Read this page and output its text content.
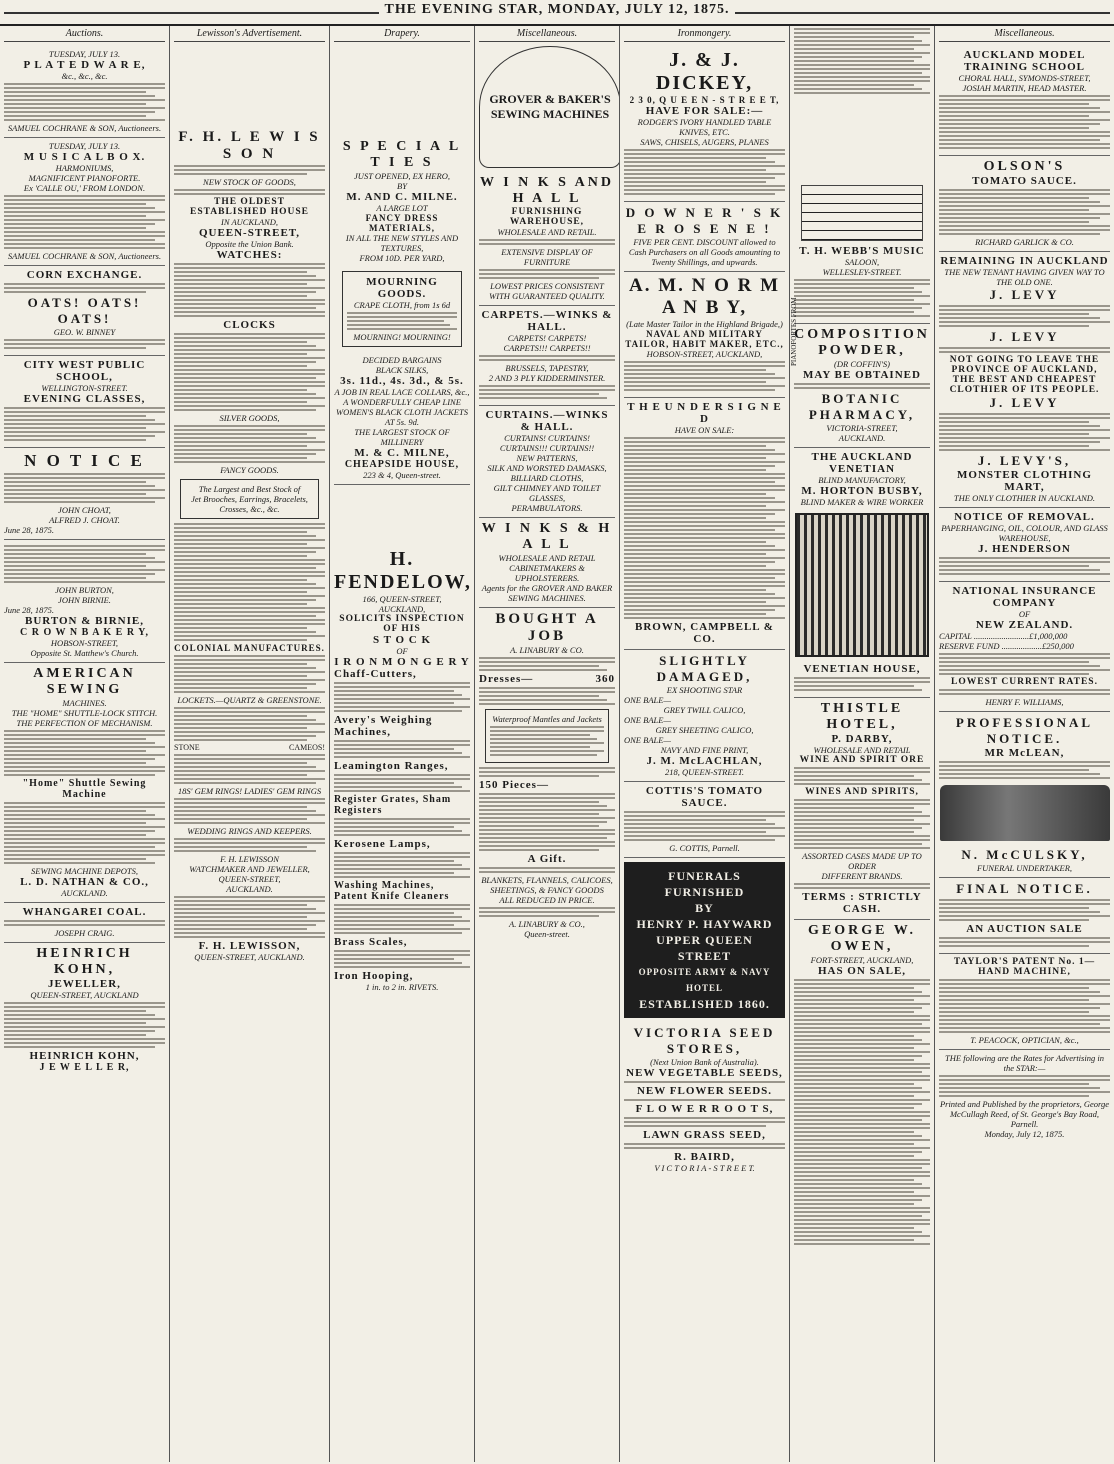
THE EVENING STAR, MONDAY, JULY 12, 1875.
Auctions.
TUESDAY, JULY 13.
P L A T E D W A R E,
&c., &c., &c.
SAMUEL COCHRANE & SON, Auctioneers.
TUESDAY, JULY 13.
M U S I C A L B O X.
HARMONIUMS,
MAGNIFICENT PIANOFORTE.
Ex 'CALLE OU,' FROM LONDON.
SAMUEL COCHRANE & SON, Auctioneers.
CORN EXCHANGE.
OATS! OATS! OATS!
GEO. W. BINNEY
CITY WEST PUBLIC SCHOOL,
WELLINGTON-STREET.
EVENING CLASSES,
N O T I C E
JOHN CHOAT,
ALFRED J. CHOAT.
June 28, 1875.
JOHN BURTON,
JOHN BIRNIE.
June 28, 1875.
BURTON & BIRNIE,
C R O W N B A K E R Y,
HOBSON-STREET,
Opposite St. Matthew's Church.
AMERICAN SEWING
MACHINES.
THE "HOME" SHUTTLE-LOCK STITCH.
THE PERFECTION OF MECHANISM.
"Home" Shuttle Sewing Machine
SEWING MACHINE DEPOTS,
L. D. NATHAN & CO.,
AUCKLAND.
WHANGAREI COAL.
JOSEPH CRAIG.
HEINRICH KOHN,
JEWELLER,
QUEEN-STREET, AUCKLAND
HEINRICH KOHN,
J E W E L L E R,
Lewisson's Advertisement.
F. H. L E W I S S O N
NEW STOCK OF GOODS,
THE OLDEST ESTABLISHED HOUSE
IN AUCKLAND,
QUEEN-STREET,
Opposite the Union Bank.
WATCHES:
CLOCKS
SILVER GOODS,
FANCY GOODS.
The Largest and Best Stock of
Jet Brooches, Earrings, Bracelets, Crosses, &c., &c.
COLONIAL MANUFACTURES.
LOCKETS.—QUARTZ & GREENSTONE.
STONE	CAMEOS!
18S' GEM RINGS! LADIES' GEM RINGS
WEDDING RINGS AND KEEPERS.
F. H. LEWISSON
WATCHMAKER AND JEWELLER,
QUEEN-STREET,
AUCKLAND.
F. H. LEWISSON,
QUEEN-STREET, AUCKLAND.
Drapery.
S P E C I A L T I E S
JUST OPENED, EX HERO,
BY
M. AND C. MILNE.
A LARGE LOT
FANCY DRESS MATERIALS,
IN ALL THE NEW STYLES AND TEXTURES,
FROM 10D. PER YARD,
MOURNING GOODS.
CRAPE CLOTH, from 1s 6d
MOURNING! MOURNING!
DECIDED BARGAINS
BLACK SILKS,
3s. 11d., 4s. 3d., & 5s.
A JOB IN REAL LACE COLLARS, &c.,
A WONDERFULLY CHEAP LINE
WOMEN'S BLACK CLOTH JACKETS
AT 5s. 9d.
THE LARGEST STOCK OF MILLINERY
M. & C. MILNE,
CHEAPSIDE HOUSE,
223 & 4, Queen-street.
H. FENDELOW,
166, QUEEN-STREET,
AUCKLAND,
SOLICITS INSPECTION OF HIS
S T O C K
OF
I R O N M O N G E R Y
Chaff-Cutters,
Avery's Weighing Machines,
Leamington Ranges,
Register Grates, Sham Registers
Kerosene Lamps,
Washing Machines, Patent Knife Cleaners
Brass Scales,
Iron Hooping,
1 in. to 2 in. RIVETS.
Miscellaneous.
GROVER & BAKER'S
SEWING MACHINES
W I N K S AND H A L L
FURNISHING WAREHOUSE,
WHOLESALE AND RETAIL.
EXTENSIVE DISPLAY OF FURNITURE
LOWEST PRICES CONSISTENT WITH GUARANTEED QUALITY.
CARPETS.—WINKS & HALL.
CARPETS! CARPETS!
CARPETS!!! CARPETS!!
BRUSSELS, TAPESTRY,
2 AND 3 PLY KIDDERMINSTER.
CURTAINS.—WINKS & HALL.
CURTAINS! CURTAINS!
CURTAINS!!! CURTAINS!!
NEW PATTERNS,
SILK AND WORSTED DAMASKS,
BILLIARD CLOTHS,
GILT CHIMNEY AND TOILET GLASSES,
PERAMBULATORS.
W I N K S & H A L L
WHOLESALE AND RETAIL
CABINETMAKERS & UPHOLSTERERS.
Agents for the GROVER AND BAKER SEWING MACHINES.
BOUGHT A JOB
A. LINABURY & CO.
Dresses—	360
Waterproof Mantles and Jackets
150 Pieces—
A Gift.
BLANKETS, FLANNELS, CALICOES, SHEETINGS, & FANCY GOODS
ALL REDUCED IN PRICE.
A. LINABURY & CO.,
Queen-street.
Ironmongery.
J. & J. DICKEY,
2 3 0, Q U E E N - S T R E E T,
HAVE FOR SALE:—
RODGER'S IVORY HANDLED TABLE KNIVES, ETC.
SAWS, CHISELS, AUGERS, PLANES
D O W N E R ' S K E R O S E N E !
FIVE PER CENT. DISCOUNT allowed to Cash Purchasers on all Goods amounting to Twenty Shillings, and upwards.
A. M. N O R M A N B Y,
(Late Master Tailor in the Highland Brigade,)
NAVAL AND MILITARY TAILOR, HABIT MAKER, ETC.,
HOBSON-STREET, AUCKLAND,
T H E U N D E R S I G N E D
HAVE ON SALE:
BROWN, CAMPBELL & CO.
SLIGHTLY DAMAGED,
EX SHOOTING STAR
ONE BALE—
GREY TWILL CALICO,
ONE BALE—
GREY SHEETING CALICO,
ONE BALE—
NAVY AND FINE PRINT,
J. M. McLACHLAN,
218, QUEEN-STREET.
COTTIS'S TOMATO SAUCE.
G. COTTIS, Parnell.
FUNERALS FURNISHED
BY
HENRY P. HAYWARD
UPPER QUEEN STREET
OPPOSITE ARMY & NAVY HOTEL
ESTABLISHED 1860.
VICTORIA SEED STORES,
(Next Union Bank of Australia).
NEW VEGETABLE SEEDS,
NEW FLOWER SEEDS.
F L O W E R R O O T S,
LAWN GRASS SEED,
R. BAIRD,
V I C T O R I A - S T R E E T.
PIANOFORTES FROM
T. H. WEBB'S MUSIC
SALOON,
WELLESLEY-STREET.
COMPOSITION POWDER,
(DR COFFIN'S)
MAY BE OBTAINED
BOTANIC PHARMACY,
VICTORIA-STREET,
AUCKLAND.
THE AUCKLAND VENETIAN
BLIND MANUFACTORY,
M. HORTON BUSBY,
BLIND MAKER & WIRE WORKER
VENETIAN HOUSE,
THISTLE HOTEL,
P. DARBY,
WHOLESALE AND RETAIL
WINE AND SPIRIT ORE
WINES AND SPIRITS,
ASSORTED CASES MADE UP TO ORDER
DIFFERENT BRANDS.
TERMS : STRICTLY CASH.
GEORGE W. OWEN,
FORT-STREET, AUCKLAND,
HAS ON SALE,
Miscellaneous.
AUCKLAND MODEL TRAINING SCHOOL
CHORAL HALL, SYMONDS-STREET,
JOSIAH MARTIN, HEAD MASTER.
OLSON'S
TOMATO SAUCE.
RICHARD GARLICK & CO.
REMAINING IN AUCKLAND
THE NEW TENANT HAVING GIVEN WAY TO THE OLD ONE.
J. LEVY
J. LEVY
NOT GOING TO LEAVE THE PROVINCE OF AUCKLAND,
THE BEST AND CHEAPEST CLOTHIER OF ITS PEOPLE.
J. LEVY
J. LEVY'S,
MONSTER CLOTHING MART,
THE ONLY CLOTHIER IN AUCKLAND.
NOTICE OF REMOVAL.
PAPERHANGING, OIL, COLOUR, AND GLASS WAREHOUSE,
J. HENDERSON
NATIONAL INSURANCE COMPANY
OF
NEW ZEALAND.
CAPITAL ..........................£1,000,000
RESERVE FUND ...................£250,000
LOWEST CURRENT RATES.
HENRY F. WILLIAMS,
PROFESSIONAL NOTICE.
MR McLEAN,
N. McCULSKY,
FUNERAL UNDERTAKER,
FINAL NOTICE.
AN AUCTION SALE
TAYLOR'S PATENT No. 1—HAND MACHINE,
T. PEACOCK, OPTICIAN, &c.,
THE following are the Rates for Advertising in the STAR:—
Printed and Published by the proprietors, George McCullagh Reed, of St. George's Bay Road, Parnell.
Monday, July 12, 1875.
